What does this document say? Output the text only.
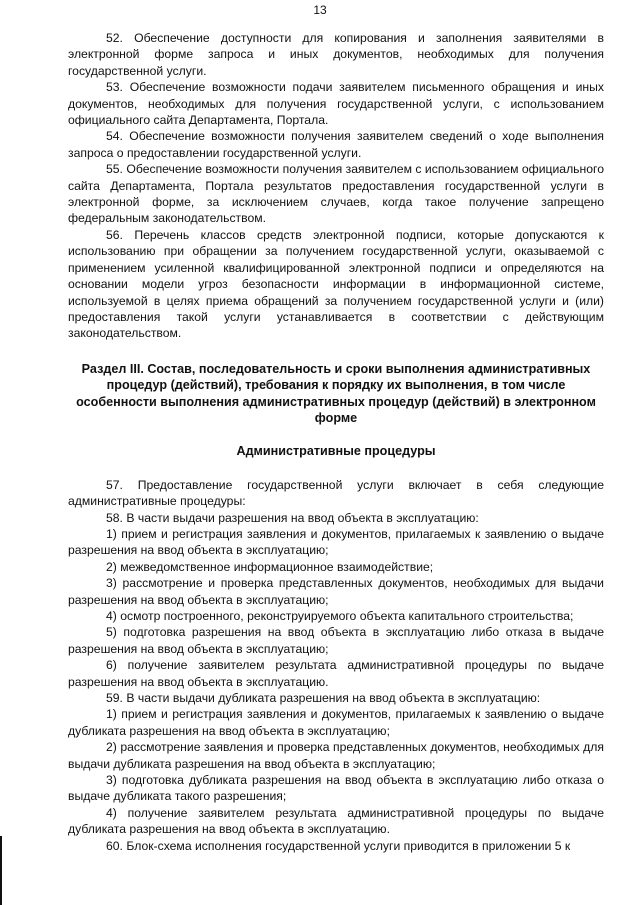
13

52. Обеспечение доступности для копирования и заполнения заявителями в электронной форме запроса и иных документов, необходимых для получения государственной услуги.

53. Обеспечение возможности подачи заявителем письменного обращения и иных документов, необходимых для получения государственной услуги, с использованием официального сайта Департамента, Портала.

54. Обеспечение возможности получения заявителем сведений о ходе выполнения запроса о предоставлении государственной услуги.

55. Обеспечение возможности получения заявителем с использованием официального сайта Департамента, Портала результатов предоставления государственной услуги в электронной форме, за исключением случаев, когда такое получение запрещено федеральным законодательством.

56. Перечень классов средств электронной подписи, которые допускаются к использованию при обращении за получением государственной услуги, оказываемой с применением усиленной квалифицированной электронной подписи и определяются на основании модели угроз безопасности информации в информационной системе, используемой в целях приема обращений за получением государственной услуги и (или) предоставления такой услуги устанавливается в соответствии с действующим законодательством.

Раздел III. Состав, последовательность и сроки выполнения административных процедур (действий), требования к порядку их выполнения, в том числе особенности выполнения административных процедур (действий) в электронном форме
Административные процедуры

57. Предоставление государственной услуги включает в себя следующие административные процедуры:

58. В части выдачи разрешения на ввод объекта в эксплуатацию:

1) прием и регистрация заявления и документов, прилагаемых к заявлению о выдаче разрешения на ввод объекта в эксплуатацию;

2) межведомственное информационное взаимодействие;

3) рассмотрение и проверка представленных документов, необходимых для выдачи разрешения на ввод объекта в эксплуатацию;

4) осмотр построенного, реконструируемого объекта капитального строительства;

5) подготовка разрешения на ввод объекта в эксплуатацию либо отказа в выдаче разрешения на ввод объекта в эксплуатацию;

6) получение заявителем результата административной процедуры по выдаче разрешения на ввод объекта в эксплуатацию.

59. В части выдачи дубликата разрешения на ввод объекта в эксплуатацию:

1) прием и регистрация заявления и документов, прилагаемых к заявлению о выдаче дубликата разрешения на ввод объекта в эксплуатацию;

2) рассмотрение заявления и проверка представленных документов, необходимых для выдачи дубликата разрешения на ввод объекта в эксплуатацию;

3) подготовка дубликата разрешения на ввод объекта в эксплуатацию либо отказа о выдаче дубликата такого разрешения;

4) получение заявителем результата административной процедуры по выдаче дубликата разрешения на ввод объекта в эксплуатацию.

60. Блок-схема исполнения государственной услуги приводится в приложении 5 к
